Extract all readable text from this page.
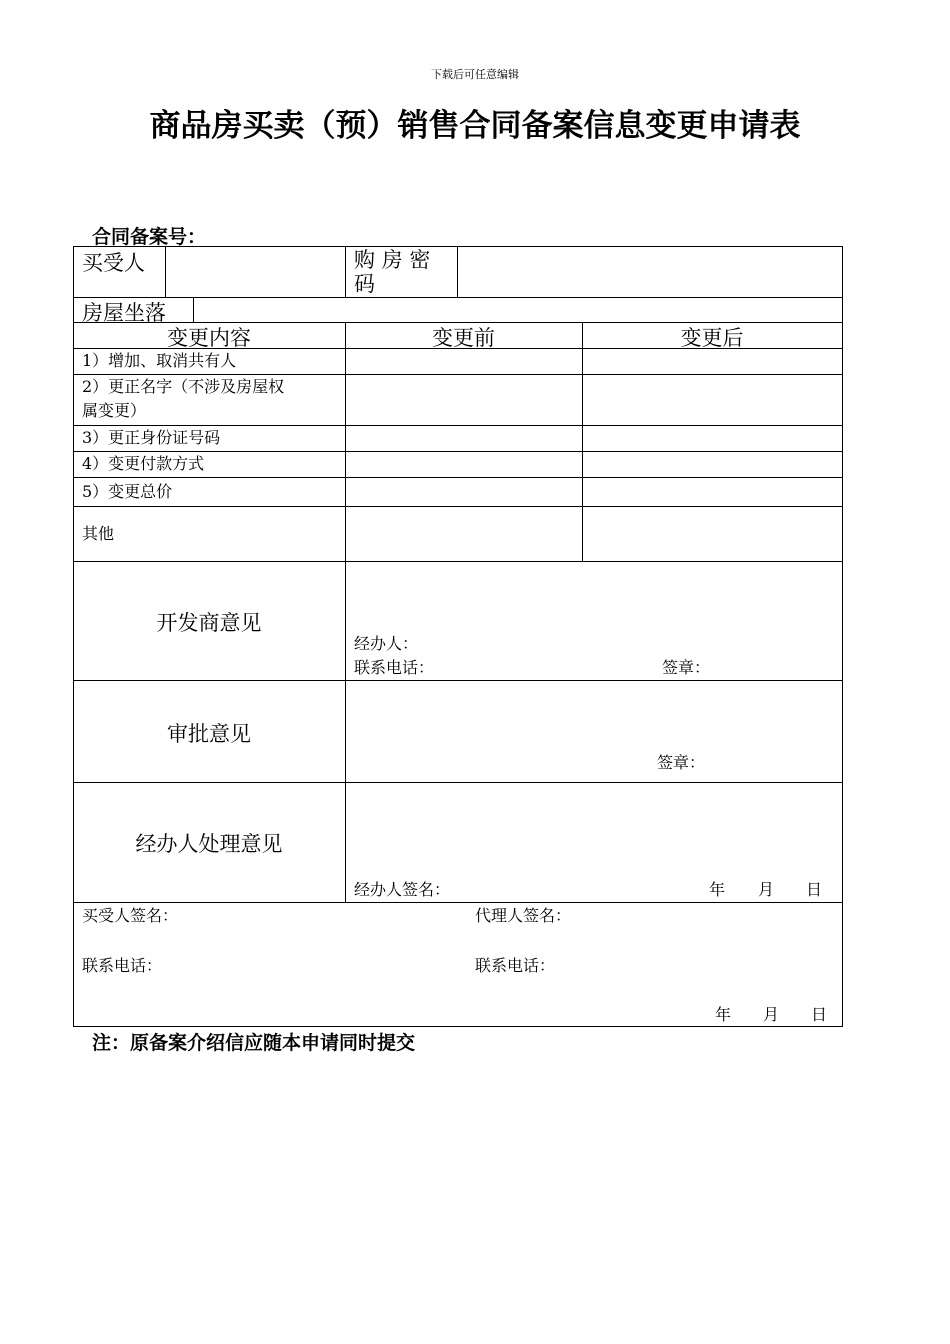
下载后可任意编辑
商品房买卖（预）销售合同备案信息变更申请表
合同备案号：
买受人	购 房 密
码
房屋坐落
变更内容	变更前	变更后
1）增加、取消共有人
2）更正名字（不涉及房屋权
属变更）
3）更正身份证号码
4）变更付款方式
5）变更总价
其他
开发商意见
经办人：
联系电话：	签章：
审批意见
签章：
经办人处理意见
经办人签名：	年 月 日
买受人签名：	代理人签名：
联系电话：	联系电话：
年 月 日
注：原备案介绍信应随本申请同时提交
